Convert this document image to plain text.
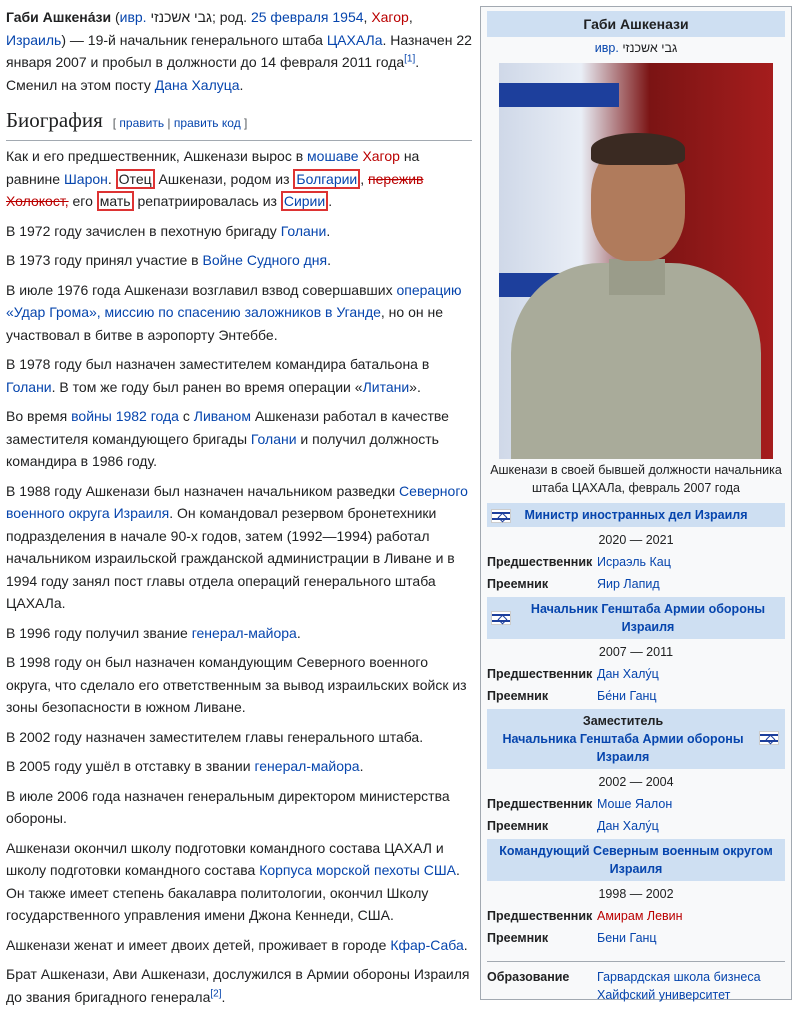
Габи Ашкена́зи (ивр. גבי אשכנזי; род. 25 февраля 1954, Хагор, Израиль) — 19-й начальник генерального штаба ЦАХАЛа. Назначен 22 января 2007 и пробыл в должности до 14 февраля 2011 года[1]. Сменил на этом посту Дана Халуца.

Биография [ править | править код ]

Как и его предшественник, Ашкенази вырос в мошаве Хагор на равнине Шарон. Отец Ашкенази, родом из Болгарии , пережив Холокост, его мать репатриировалась из Сирии .

В 1972 году зачислен в пехотную бригаду Голани.

В 1973 году принял участие в Войне Судного дня.

В июле 1976 года Ашкенази возглавил взвод совершавших операцию «Удар Грома», миссию по спасению заложников в Уганде, но он не участвовал в битве в аэропорту Энтеббе.

В 1978 году был назначен заместителем командира батальона в Голани. В том же году был ранен во время операции «Литани».

Во время войны 1982 года с Ливаном Ашкенази работал в качестве заместителя командующего бригады Голани и получил должность командира в 1986 году.

В 1988 году Ашкенази был назначен начальником разведки Северного военного округа Израиля. Он командовал резервом бронетехники подразделения в начале 90-х годов, затем (1992—1994) работал начальником израильской гражданской администрации в Ливане и в 1994 году занял пост главы отдела операций генерального штаба ЦАХАЛа.

В 1996 году получил звание генерал-майора.

В 1998 году он был назначен командующим Северного военного округа, что сделало его ответственным за вывод израильских войск из зоны безопасности в южном Ливане.

В 2002 году назначен заместителем главы генерального штаба.

В 2005 году ушёл в отставку в звании генерал-майора.

В июле 2006 года назначен генеральным директором министерства обороны.

Ашкенази окончил школу подготовки командного состава ЦАХАЛ и школу подготовки командного состава Корпуса морской пехоты США. Он также имеет степень бакалавра политологии, окончил Школу государственного управления имени Джона Кеннеди, США.

Ашкенази женат и имеет двоих детей, проживает в городе Кфар-Саба.

Брат Ашкенази, Ави Ашкенази, дослужился в Армии обороны Израиля до звания бригадного генерала[2].

Габи Ашкенази
ивр. גבי אשכנזי
Ашкенази в своей бывшей должности начальника штаба ЦАХАЛа, февраль 2007 года
Министр иностранных дел Израиля
2020 — 2021
Предшественник Исраэль Кац
Преемник	Яир Лапид
Начальник Генштаба Армии обороны Израиля
2007 — 2011
Предшественник Дан Халу́ц
Преемник	Бе́ни Ганц
Заместитель
Начальника Генштаба Армии обороны Израиля
2002 — 2004
Предшественник Моше Яалон
Преемник	Дан Халу́ц
Командующий Северным военным округом Израиля
1998 — 2002
Предшественник Амирам Левин
Преемник	Бени Ганц
Образование	Гарвардская школа бизнеса
Хайфский университет
